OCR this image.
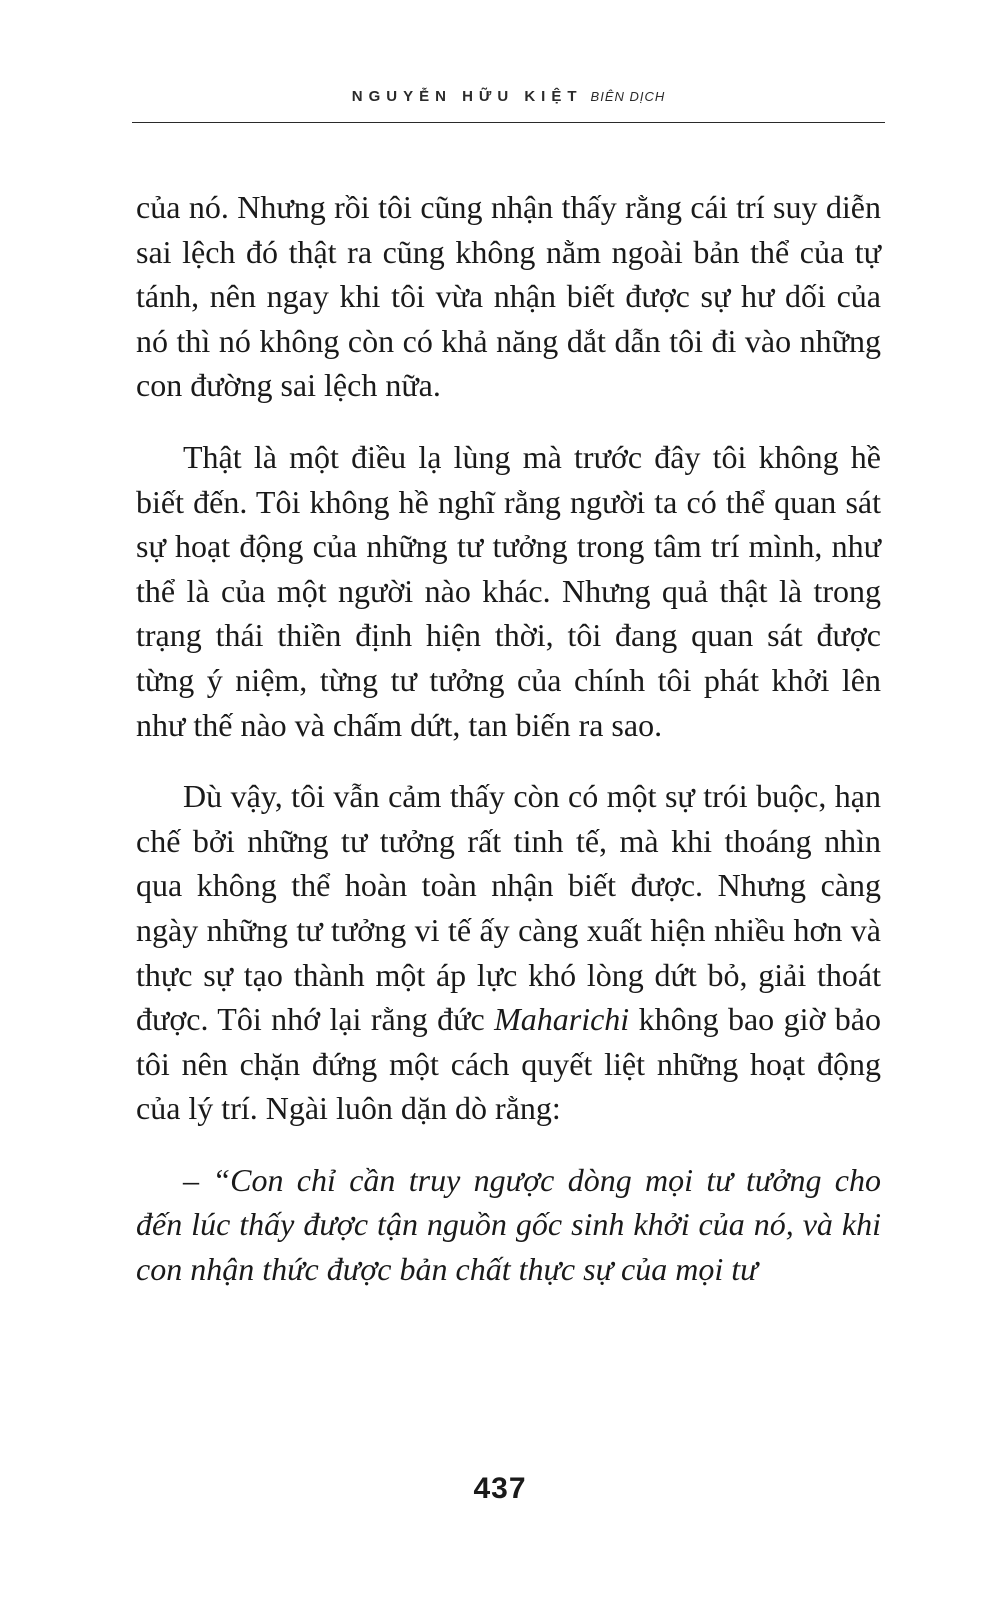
NGUYỄN HỮU KIỆT BIÊN DỊCH

của nó. Nhưng rồi tôi cũng nhận thấy rằng cái trí suy diễn sai lệch đó thật ra cũng không nằm ngoài bản thể của tự tánh, nên ngay khi tôi vừa nhận biết được sự hư dối của nó thì nó không còn có khả năng dắt dẫn tôi đi vào những con đường sai lệch nữa.

Thật là một điều lạ lùng mà trước đây tôi không hề biết đến. Tôi không hề nghĩ rằng người ta có thể quan sát sự hoạt động của những tư tưởng trong tâm trí mình, như thể là của một người nào khác. Nhưng quả thật là trong trạng thái thiền định hiện thời, tôi đang quan sát được từng ý niệm, từng tư tưởng của chính tôi phát khởi lên như thế nào và chấm dứt, tan biến ra sao.

Dù vậy, tôi vẫn cảm thấy còn có một sự trói buộc, hạn chế bởi những tư tưởng rất tinh tế, mà khi thoáng nhìn qua không thể hoàn toàn nhận biết được. Nhưng càng ngày những tư tưởng vi tế ấy càng xuất hiện nhiều hơn và thực sự tạo thành một áp lực khó lòng dứt bỏ, giải thoát được. Tôi nhớ lại rằng đức Maharichi không bao giờ bảo tôi nên chặn đứng một cách quyết liệt những hoạt động của lý trí. Ngài luôn dặn dò rằng:

– “Con chỉ cần truy ngược dòng mọi tư tưởng cho đến lúc thấy được tận nguồn gốc sinh khởi của nó, và khi con nhận thức được bản chất thực sự của mọi tư

437
